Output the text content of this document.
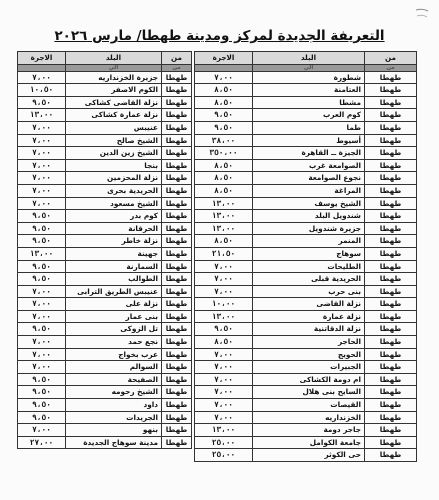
التعريفة الجديدة لمركز ومدينة طهطا/ مارس ٢٠٢٦
من	البلد	الاجرة
من	الي	
طهطا	شطورة	٧،٠٠
طهطا	العتامنة	٨،٥٠
طهطا	مشطا	٨،٥٠
طهطا	كوم العرب	٩،٥٠
طهطا	طما	٩،٥٠
طهطا	أسيوط	٣٨،٠٠
طهطا	الجيزة ــ القاهرة	٣٥٠،٠٠
طهطا	الصوامعة غرب	٨،٥٠
طهطا	نجوع الصوامعة	٨،٥٠
طهطا	المراغة	٨،٥٠
طهطا	الشيخ يوسف	١٣،٠٠
طهطا	شندويل البلد	١٣،٠٠
طهطا	جزيرة شندويل	١٣،٠٠
طهطا	المنمر	٨،٥٠
طهطا	سوهاج	٢١،٥٠
طهطا	الطليحات	٧،٠٠
طهطا	الحريدية قبلى	٧،٠٠
طهطا	بنى حرب	٧،٠٠
طهطا	نزلة القاضى	١٠،٠٠
طهطا	نزلة عمارة	١٣،٠٠
طهطا	نزلة الدقاتنية	٩،٥٠
طهطا	الحاجر	٨،٥٠
طهطا	الحويج	٧،٠٠
طهطا	الجبيرات	٧،٠٠
طهطا	ام دومة الكشاكى	٧،٠٠
طهطا	السايح بنى هلال	٧،٠٠
طهطا	القيصات	٧،٠٠
طهطا	الخزنداريه	٧،٠٠
طهطا	جاجر دومة	١٣،٠٠
طهطا	جامعة الكوامل	٢٥،٠٠
طهطا	حى الكوثر	٢٥،٠٠
من	البلد	الاجرة
من	الي	
طهطا	جزيرة الخزنداريه	٧،٠٠
طهطا	الكوم الاصفر	١٠،٥٠
طهطا	نزلة القاضى كشاكى	٩،٥٠
طهطا	نزلة عمارة كشاكى	١٣،٠٠
طهطا	عنيبس	٧،٠٠
طهطا	الشيخ صالح	٧،٠٠
طهطا	الشيخ زين الدين	٧،٠٠
طهطا	بنجا	٧،٠٠
طهطا	نزلة المحزمين	٧،٠٠
طهطا	الحريدية بحرى	٧،٠٠
طهطا	الشيخ مسعود	٧،٠٠
طهطا	كوم بدر	٩،٥٠
طهطا	الحرقانة	٩،٥٠
طهطا	نزلة خاطر	٩،٥٠
طهطا	جهينة	١٣،٠٠
طهطا	السمارنة	٩،٥٠
طهطا	الطوالب	٩،٥٠
طهطا	عنيبس الطريق الترابى	٧،٠٠
طهطا	نزلة على	٧،٠٠
طهطا	بنى عمار	٧،٠٠
طهطا	تل الزوكى	٩،٥٠
طهطا	نجع حمد	٧،٠٠
طهطا	عرب بخواج	٧،٠٠
طهطا	السوالم	٧،٠٠
طهطا	الصفيحة	٩،٥٠
طهطا	الشيخ رحومه	٩،٥٠
طهطا	داود	٩،٥٠
طهطا	الجريدات	٩،٥٠
طهطا	بنهو	٧،٠٠
طهطا	مدينة سوهاج الجديدة	٢٧،٠٠
